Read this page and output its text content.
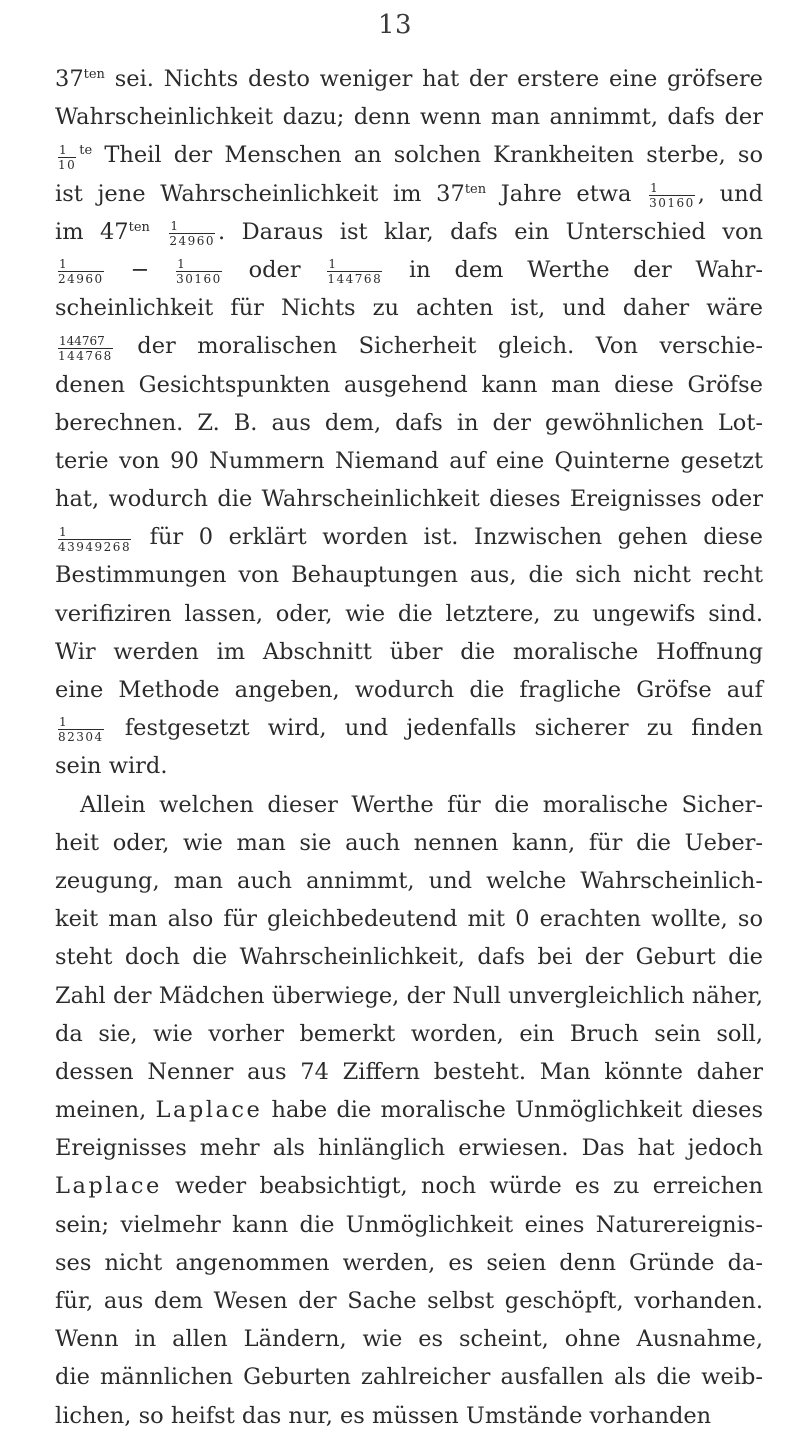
13
$37^{ten}$ sei. Nichts desto weniger hat der erstere eine gröfsere
Wahrscheinlichkeit dazu; denn wenn man annimmt, dafs der
$\frac{1}{10} ^{te}$ Theil der Menschen an solchen Krankheiten sterbe, so
ist jene Wahrscheinlichkeit im $37^{ten}$ Jahre etwa $\frac{1}{30160}$ , und
im $47^{ten} \frac{1}{24960}$ . Daraus ist klar, dafs ein Unterschied von
$\frac{1}{24960} - \frac{1}{30160}$ oder $\frac{1}{144768}$ in dem Werthe der Wahr-
scheinlichkeit für Nichts zu achten ist, und daher wäre
$\frac{144767}{144768}$ der moralischen Sicherheit gleich. Von verschie-
denen Gesichtspunkten ausgehend kann man diese Gröfse
berechnen. Z. B. aus dem, dafs in der gewöhnlichen Lot-
terie von 90 Nummern Niemand auf eine Quinterne gesetzt
hat, wodurch die Wahrscheinlichkeit dieses Ereignisses oder
$\frac{1}{43949268}$ für 0 erklärt worden ist. Inzwischen gehen diese
Bestimmungen von Behauptungen aus, die sich nicht recht
verifiziren lassen, oder, wie die letztere, zu ungewifs sind.
Wir werden im Abschnitt über die moralische Hoffnung
eine Methode angeben, wodurch die fragliche Gröfse auf
$\frac{1}{82304}$ festgesetzt wird, und jedenfalls sicherer zu finden
sein wird.
Allein welchen dieser Werthe für die moralische Sicher-
heit oder, wie man sie auch nennen kann, für die Ueber-
zeugung, man auch annimmt, und welche Wahrscheinlich-
keit man also für gleichbedeutend mit 0 erachten wollte, so
steht doch die Wahrscheinlichkeit, dafs bei der Geburt die
Zahl der Mädchen überwiege, der Null unvergleichlich näher,
da sie, wie vorher bemerkt worden, ein Bruch sein soll,
dessen Nenner aus 74 Ziffern besteht. Man könnte daher
meinen, Laplace habe die moralische Unmöglichkeit dieses
Ereignisses mehr als hinlänglich erwiesen. Das hat jedoch
Laplace weder beabsichtigt, noch würde es zu erreichen
sein; vielmehr kann die Unmöglichkeit eines Naturereignis-
ses nicht angenommen werden, es seien denn Gründe da-
für, aus dem Wesen der Sache selbst geschöpft, vorhanden.
Wenn in allen Ländern, wie es scheint, ohne Ausnahme,
die männlichen Geburten zahlreicher ausfallen als die weib-
lichen, so heifst das nur, es müssen Umstände vorhanden
